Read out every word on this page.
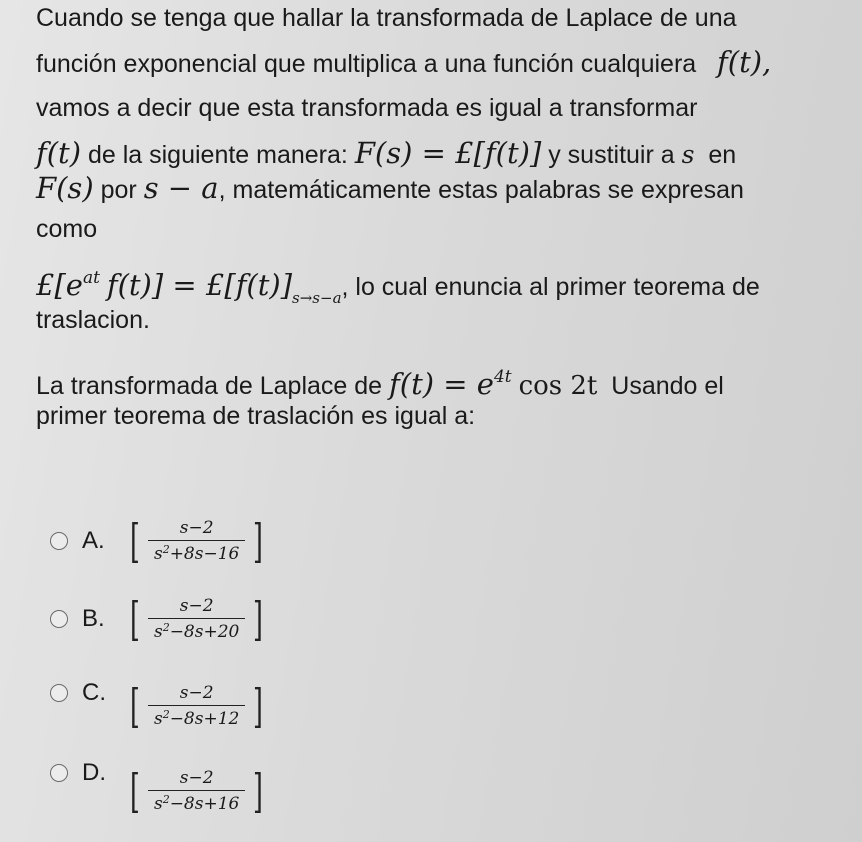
Cuando se tenga que hallar la transformada de Laplace de una
función exponencial que multiplica a una función cualquiera f(t),
vamos a decir que esta transformada es igual a transformar
f(t) de la siguiente manera: F(s) = £[f(t)] y sustituir a s en
F(s) por s − a, matemáticamente estas palabras se expresan
como
$£[e^{at}$ $f(t)] = £[f(t)]_{s\to s-a}$, lo cual enuncia al primer teorema de
traslacion.
La transformada de Laplace de $f(t) = e^{4t}$ cos 2t Usando el
primer teorema de traslación es igual a:
A. [ $\frac{s-2}{s^2+8s-16}$ ]
B. [ $\frac{s-2}{s^2-8s+20}$ ]
C. [ $\frac{s-2}{s^2-8s+12}$ ]
D. [ $\frac{s-2}{s^2-8s+16}$ ]
